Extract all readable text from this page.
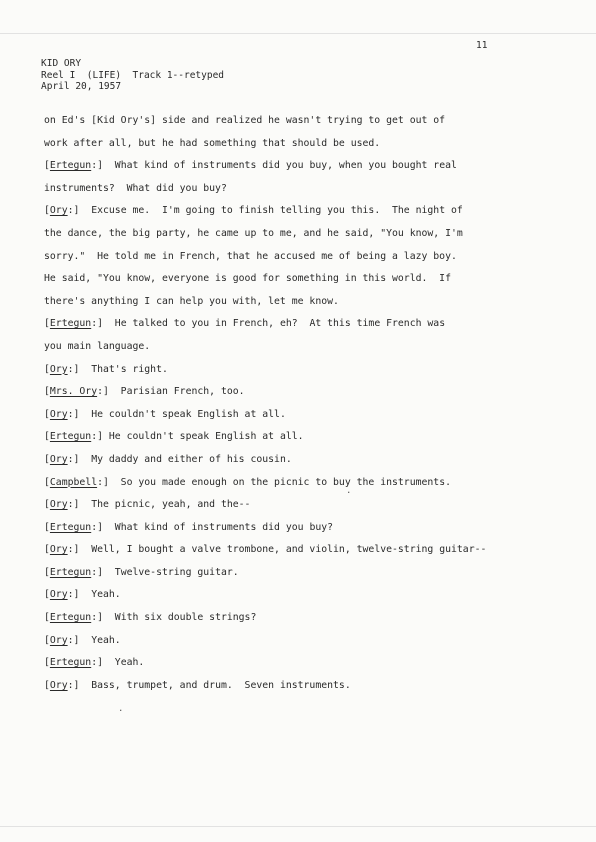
11
KID ORY
Reel I  (LIFE)  Track 1--retyped
April 20, 1957
on Ed's [Kid Ory's] side and realized he wasn't trying to get out of
work after all, but he had something that should be used.
[Ertegun:]  What kind of instruments did you buy, when you bought real
instruments?  What did you buy?
[Ory:]  Excuse me.  I'm going to finish telling you this.  The night of
the dance, the big party, he came up to me, and he said, "You know, I'm
sorry."  He told me in French, that he accused me of being a lazy boy.
He said, "You know, everyone is good for something in this world.  If
there's anything I can help you with, let me know.
[Ertegun:]  He talked to you in French, eh?  At this time French was
you main language.
[Ory:]  That's right.
[Mrs. Ory:]  Parisian French, too.
[Ory:]  He couldn't speak English at all.
[Ertegun:] He couldn't speak English at all.
[Ory:]  My daddy and either of his cousin.
[Campbell:]  So you made enough on the picnic to buy the instruments.
[Ory:]  The picnic, yeah, and the--
[Ertegun:]  What kind of instruments did you buy?
[Ory:]  Well, I bought a valve trombone, and violin, twelve-string guitar--
[Ertegun:]  Twelve-string guitar.
[Ory:]  Yeah.
[Ertegun:]  With six double strings?
[Ory:]  Yeah.
[Ertegun:]  Yeah.
[Ory:]  Bass, trumpet, and drum.  Seven instruments.
.
.
